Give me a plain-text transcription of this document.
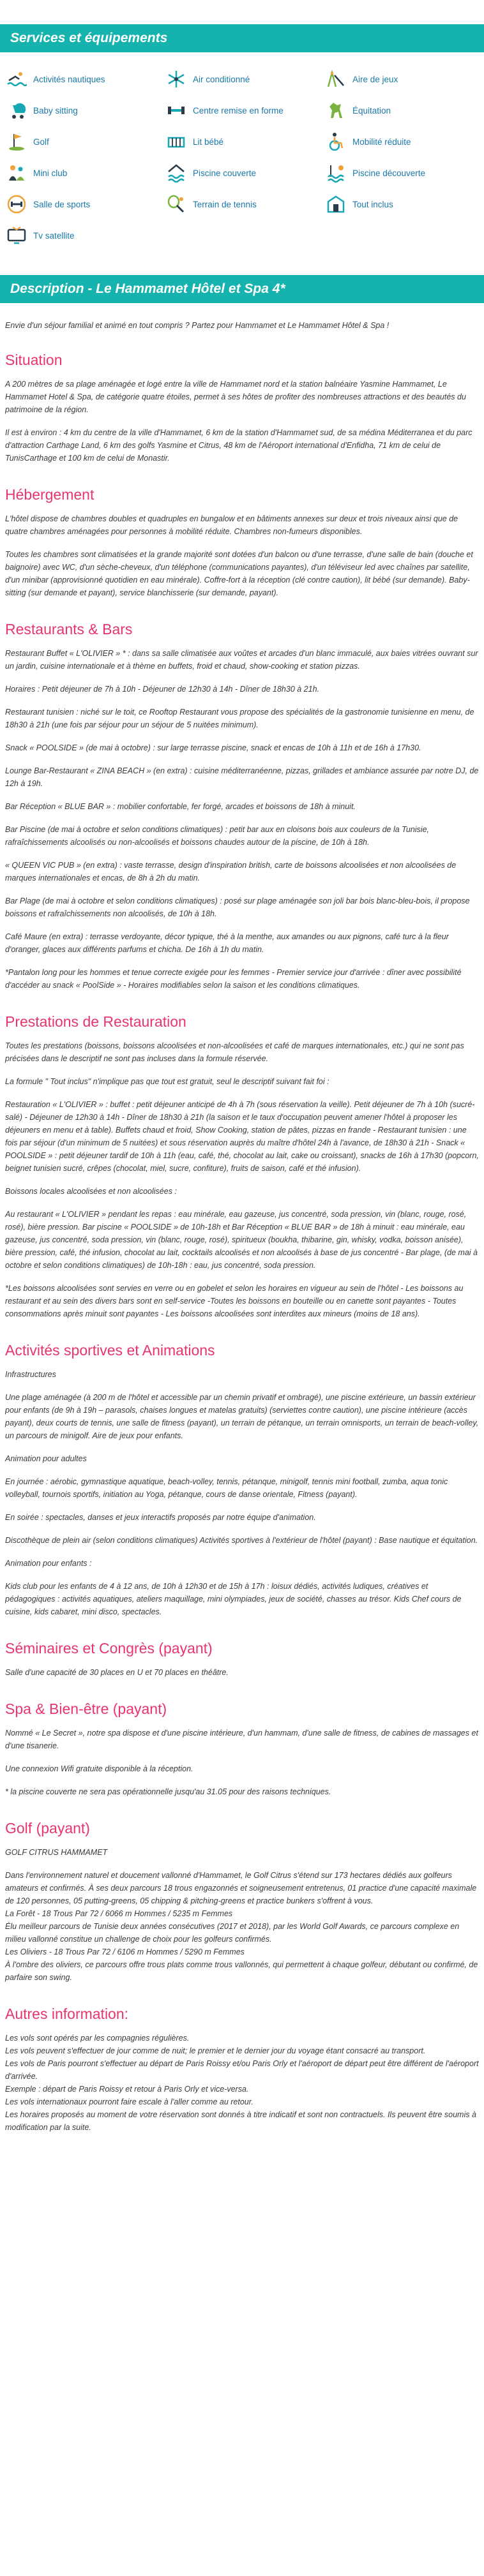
Services et équipements
Activités nautiques	Air conditionné	Aire de jeux
Baby sitting	Centre remise en forme	Équitation
Golf	Lit bébé	Mobilité réduite
Mini club	Piscine couverte	Piscine découverte
Salle de sports	Terrain de tennis	Tout inclus
Tv satellite
Description - Le Hammamet Hôtel et Spa 4*

Envie d'un séjour familial et animé en tout compris ? Partez pour Hammamet et Le Hammamet Hôtel & Spa !

Situation

A 200 mètres de sa plage aménagée et logé entre la ville de Hammamet nord et la station balnéaire Yasmine Hammamet, Le Hammamet Hotel & Spa, de catégorie quatre étoiles, permet à ses hôtes de profiter des nombreuses attractions et des beautés du patrimoine de la région.

Il est à environ : 4 km du centre de la ville d'Hammamet, 6 km de la station d'Hammamet sud, de sa médina Méditerranea et du parc d'attraction Carthage Land, 6 km des golfs Yasmine et Citrus, 48 km de l'Aéroport international d'Enfidha, 71 km de celui de TunisCarthage et 100 km de celui de Monastir.

Hébergement

L'hôtel dispose de chambres doubles et quadruples en bungalow et en bâtiments annexes sur deux et trois niveaux ainsi que de quatre chambres aménagées pour personnes à mobilité réduite. Chambres non-fumeurs disponibles.

Toutes les chambres sont climatisées et la grande majorité sont dotées d'un balcon ou d'une terrasse, d'une salle de bain (douche et baignoire) avec WC, d'un sèche-cheveux, d'un téléphone (communications payantes), d'un téléviseur led avec chaînes par satellite, d'un minibar (approvisionné quotidien en eau minérale). Coffre-fort à la réception (clé contre caution), lit bébé (sur demande). Baby-sitting (sur demande et payant), service blanchisserie (sur demande, payant).

Restaurants & Bars

Restaurant Buffet « L'OLIVIER » * : dans sa salle climatisée aux voûtes et arcades d'un blanc immaculé, aux baies vitrées ouvrant sur un jardin, cuisine internationale et à thème en buffets, froid et chaud, show-cooking et station pizzas.

Horaires : Petit déjeuner de 7h à 10h - Déjeuner de 12h30 à 14h - Dîner de 18h30 à 21h.

Restaurant tunisien : niché sur le toit, ce Rooftop Restaurant vous propose des spécialités de la gastronomie tunisienne en menu, de 18h30 à 21h (une fois par séjour pour un séjour de 5 nuitées minimum).

Snack « POOLSIDE » (de mai à octobre) : sur large terrasse piscine, snack et encas de 10h à 11h et de 16h à 17h30.

Lounge Bar-Restaurant « ZINA BEACH » (en extra) : cuisine méditerranéenne, pizzas, grillades et ambiance assurée par notre DJ, de 12h à 19h.

Bar Réception « BLUE BAR » : mobilier confortable, fer forgé, arcades et boissons de 18h à minuit.

Bar Piscine (de mai à octobre et selon conditions climatiques) : petit bar aux en cloisons bois aux couleurs de la Tunisie, rafraîchissements alcoolisés ou non-alcoolisés et boissons chaudes autour de la piscine, de 10h à 18h.

« QUEEN VIC PUB » (en extra) : vaste terrasse, design d'inspiration british, carte de boissons alcoolisées et non alcoolisées de marques internationales et encas, de 8h à 2h du matin.

Bar Plage (de mai à octobre et selon conditions climatiques) : posé sur plage aménagée son joli bar bois blanc-bleu-bois, il propose boissons et rafraîchissements non alcoolisés, de 10h à 18h.

Café Maure (en extra) : terrasse verdoyante, décor typique, thé à la menthe, aux amandes ou aux pignons, café turc à la fleur d'oranger, glaces aux différents parfums et chicha. De 16h à 1h du matin.

*Pantalon long pour les hommes et tenue correcte exigée pour les femmes - Premier service jour d'arrivée : dîner avec possibilité d'accéder au snack « PoolSide » - Horaires modifiables selon la saison et les conditions climatiques.

Prestations de Restauration

Toutes les prestations (boissons, boissons alcoolisées et non-alcoolisées et café de marques internationales, etc.) qui ne sont pas précisées dans le descriptif ne sont pas incluses dans la formule réservée.

La formule " Tout inclus" n'implique pas que tout est gratuit, seul le descriptif suivant fait foi :

Restauration « L'OLIVIER » : buffet : petit déjeuner anticipé de 4h à 7h (sous réservation la veille). Petit déjeuner de 7h à 10h (sucré-salé) - Déjeuner de 12h30 à 14h - Dîner de 18h30 à 21h (la saison et le taux d'occupation peuvent amener l'hôtel à proposer les déjeuners en menu et à table). Buffets chaud et froid, Show Cooking, station de pâtes, pizzas en frande - Restaurant tunisien : une fois par séjour (d'un minimum de 5 nuitées) et sous réservation auprès du maître d'hôtel 24h à l'avance, de 18h30 à 21h - Snack « POOLSIDE » : petit déjeuner tardif de 10h à 11h (eau, café, thé, chocolat au lait, cake ou croissant), snacks de 16h à 17h30 (popcorn, beignet tunisien sucré, crêpes (chocolat, miel, sucre, confiture), fruits de saison, café et thé infusion).

Boissons locales alcoolisées et non alcoolisées :

Au restaurant « L'OLIVIER » pendant les repas : eau minérale, eau gazeuse, jus concentré, soda pression, vin (blanc, rouge, rosé, rosé), bière pression. Bar piscine « POOLSIDE » de 10h-18h et Bar Réception « BLUE BAR » de 18h à minuit : eau minérale, eau gazeuse, jus concentré, soda pression, vin (blanc, rouge, rosé), spiritueux (boukha, thibarine, gin, whisky, vodka, boisson anisée), bière pression, café, thé infusion, chocolat au lait, cocktails alcoolisés et non alcoolisés à base de jus concentré - Bar plage, (de mai à octobre et selon conditions climatiques) de 10h-18h : eau, jus concentré, soda pression.

*Les boissons alcoolisées sont servies en verre ou en gobelet et selon les horaires en vigueur au sein de l'hôtel - Les boissons au restaurant et au sein des divers bars sont en self-service -Toutes les boissons en bouteille ou en canette sont payantes - Toutes consommations après minuit sont payantes - Les boissons alcoolisées sont interdites aux mineurs (moins de 18 ans).

Activités sportives et Animations

Infrastructures

Une plage aménagée (à 200 m de l'hôtel et accessible par un chemin privatif et ombragé), une piscine extérieure, un bassin extérieur pour enfants (de 9h à 19h – parasols, chaises longues et matelas gratuits) (serviettes contre caution), une piscine intérieure (accès payant), deux courts de tennis, une salle de fitness (payant), un terrain de pétanque, un terrain omnisports, un terrain de beach-volley, un parcours de minigolf. Aire de jeux pour enfants.

Animation pour adultes

En journée : aérobic, gymnastique aquatique, beach-volley, tennis, pétanque, minigolf, tennis mini football, zumba, aqua tonic volleyball, tournois sportifs, initiation au Yoga, pétanque, cours de danse orientale, Fitness (payant).

En soirée : spectacles, danses et jeux interactifs proposés par notre équipe d'animation.

Discothèque de plein air (selon conditions climatiques) Activités sportives à l'extérieur de l'hôtel (payant) : Base nautique et équitation.

Animation pour enfants :

Kids club pour les enfants de 4 à 12 ans, de 10h à 12h30 et de 15h à 17h : loisux dédiés, activités ludiques, créatives et pédagogiques : activités aquatiques, ateliers maquillage, mini olympiades, jeux de société, chasses au trésor. Kids Chef cours de cuisine, kids cabaret, mini disco, spectacles.

Séminaires et Congrès (payant)

Salle d'une capacité de 30 places en U et 70 places en théâtre.

Spa & Bien-être (payant)

Nommé « Le Secret », notre spa dispose et d'une piscine intérieure, d'un hammam, d'une salle de fitness, de cabines de massages et d'une tisanerie.

Une connexion Wifi gratuite disponible à la réception.

* la piscine couverte ne sera pas opérationnelle jusqu'au 31.05 pour des raisons techniques.

Golf (payant)

GOLF CITRUS HAMMAMET

Dans l'environnement naturel et doucement vallonné d'Hammamet, le Golf Citrus s'étend sur 173 hectares dédiés aux golfeurs amateurs et confirmés. À ses deux parcours 18 trous engazonnés et soigneusement entretenus, 01 practice d'une capacité maximale de 120 personnes, 05 putting-greens, 05 chipping & pitching-greens et practice bunkers s'offrent à vous.
La Forêt - 18 Trous Par 72 / 6066 m Hommes / 5235 m Femmes
Élu meilleur parcours de Tunisie deux années consécutives (2017 et 2018), par les World Golf Awards, ce parcours complexe en milieu vallonné constitue un challenge de choix pour les golfeurs confirmés.
Les Oliviers - 18 Trous Par 72 / 6106 m Hommes / 5290 m Femmes
À l'ombre des oliviers, ce parcours offre trous plats comme trous vallonnés, qui permettent à chaque golfeur, débutant ou confirmé, de parfaire son swing.

Autres information:

Les vols sont opérés par les compagnies régulières.
Les vols peuvent s'effectuer de jour comme de nuit; le premier et le dernier jour du voyage étant consacré au transport.
Les vols de Paris pourront s'effectuer au départ de Paris Roissy et/ou Paris Orly et l'aéroport de départ peut être différent de l'aéroport d'arrivée.
Exemple : départ de Paris Roissy et retour à Paris Orly et vice-versa.
Les vols internationaux pourront faire escale à l'aller comme au retour.
Les horaires proposés au moment de votre réservation sont donnés à titre indicatif et sont non contractuels. Ils peuvent être soumis à modification par la suite.
